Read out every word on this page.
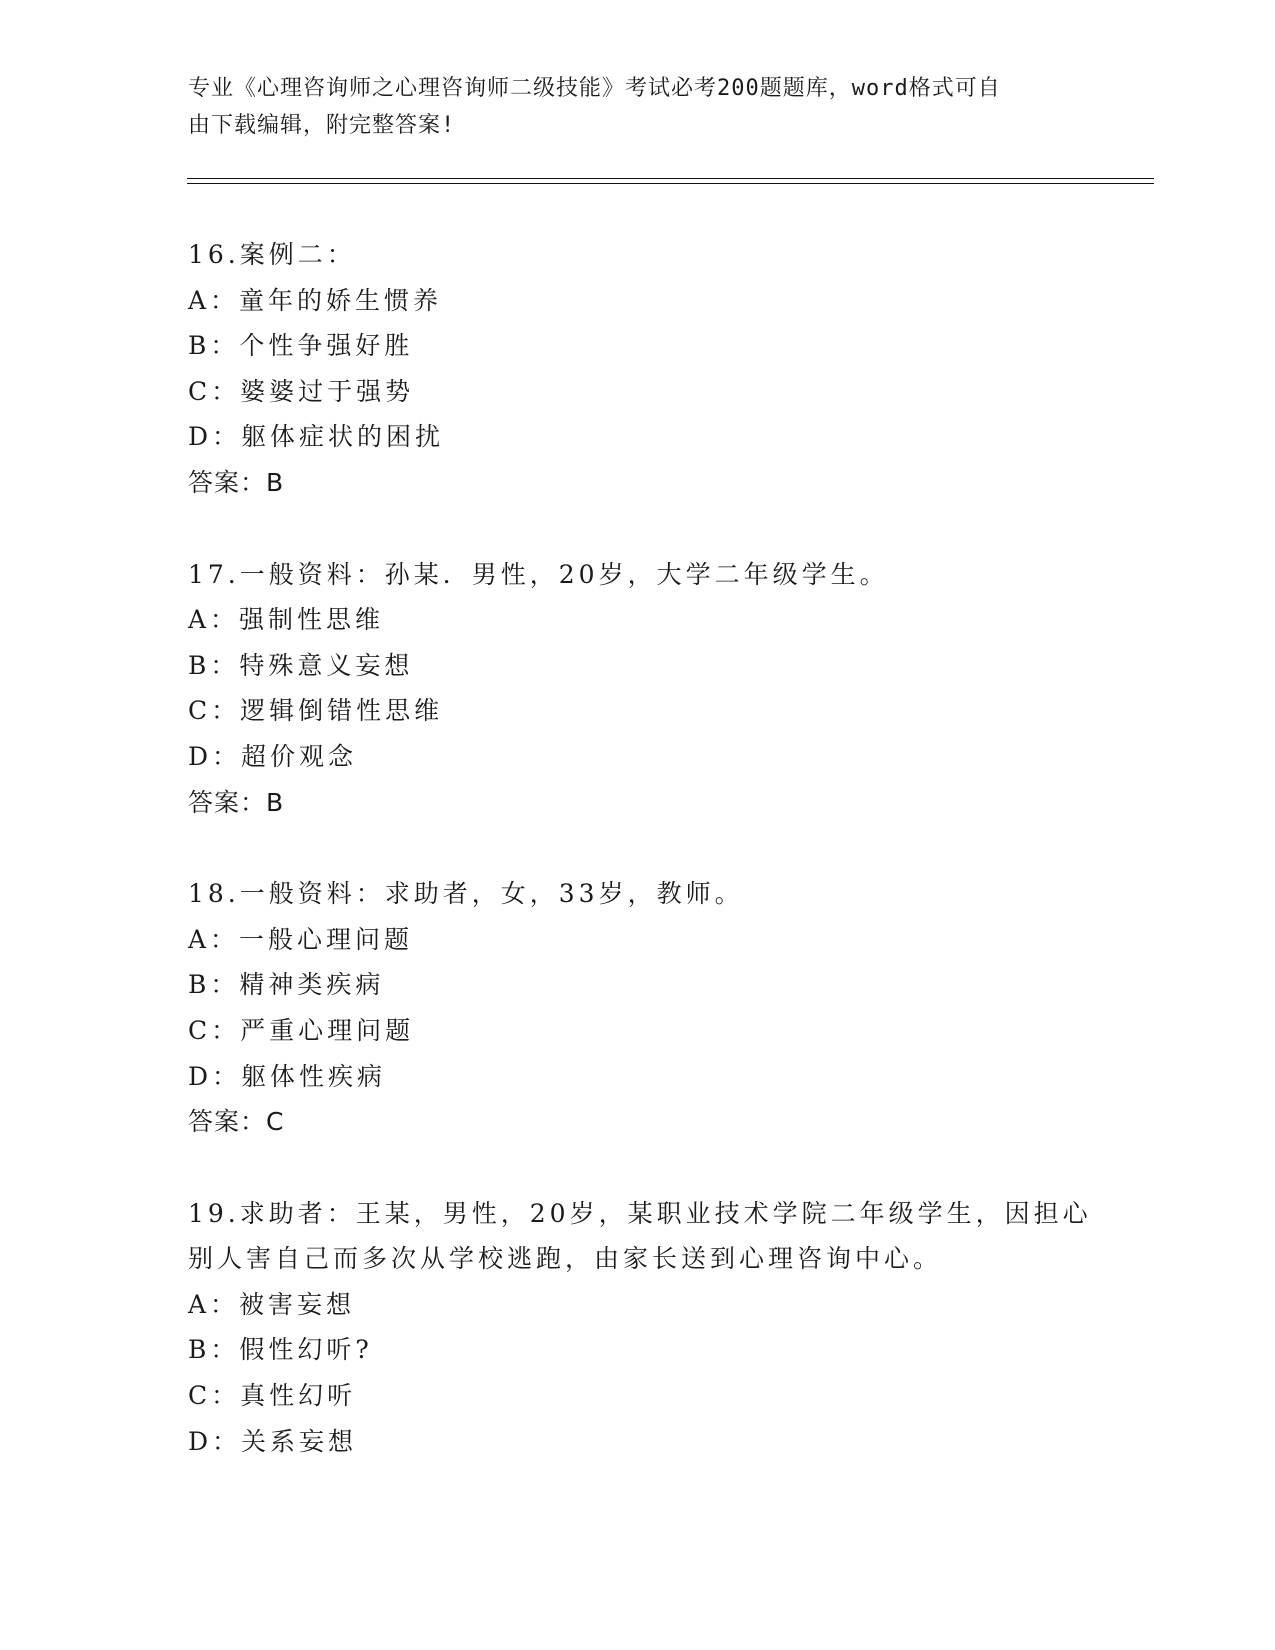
专业《心理咨询师之心理咨询师二级技能》考试必考200题题库，word格式可自
由下载编辑，附完整答案!
16.案例二：
A：童年的娇生惯养
B：个性争强好胜
C：婆婆过于强势
D：躯体症状的困扰
答案：B
17.一般资料：孙某．男性，20岁，大学二年级学生。
A：强制性思维
B：特殊意义妄想
C：逻辑倒错性思维
D：超价观念
答案：B
18.一般资料：求助者，女，33岁，教师。
A：一般心理问题
B：精神类疾病
C：严重心理问题
D：躯体性疾病
答案：C
19.求助者：王某，男性，20岁，某职业技术学院二年级学生，因担心
别人害自己而多次从学校逃跑，由家长送到心理咨询中心。
A：被害妄想
B：假性幻听?
C：真性幻听
D：关系妄想
